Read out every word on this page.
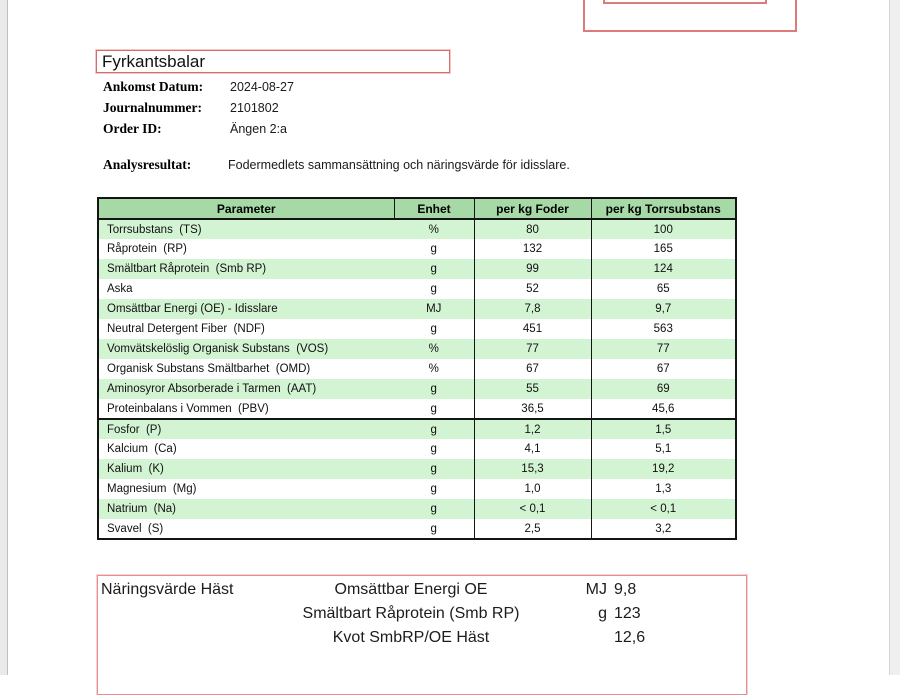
Fyrkantsbalar
Ankomst Datum:	2024-08-27
Journalnummer:	2101802
Order ID:	Ängen 2:a
Analysresultat:	Fodermedlets sammansättning och näringsvärde för idisslare.
Parameter	Enhet	per kg Foder	per kg Torrsubstans
Torrsubstans  (TS)	%	80	100
Råprotein  (RP)	g	132	165
Smältbart Råprotein  (Smb RP)	g	99	124
Aska	g	52	65
Omsättbar Energi (OE) - Idisslare	MJ	7,8	9,7
Neutral Detergent Fiber  (NDF)	g	451	563
Vomvätskelöslig Organisk Substans  (VOS)	%	77	77
Organisk Substans Smältbarhet  (OMD)	%	67	67
Aminosyror Absorberade i Tarmen  (AAT)	g	55	69
Proteinbalans i Vommen  (PBV)	g	36,5	45,6
Fosfor  (P)	g	1,2	1,5
Kalcium  (Ca)	g	4,1	5,1
Kalium  (K)	g	15,3	19,2
Magnesium  (Mg)	g	1,0	1,3
Natrium  (Na)	g	< 0,1	< 0,1
Svavel  (S)	g	2,5	3,2
Näringsvärde Häst	Omsättbar Energi OE	MJ 9,8
Smältbart Råprotein (Smb RP)	g 123
Kvot SmbRP/OE Häst	12,6
